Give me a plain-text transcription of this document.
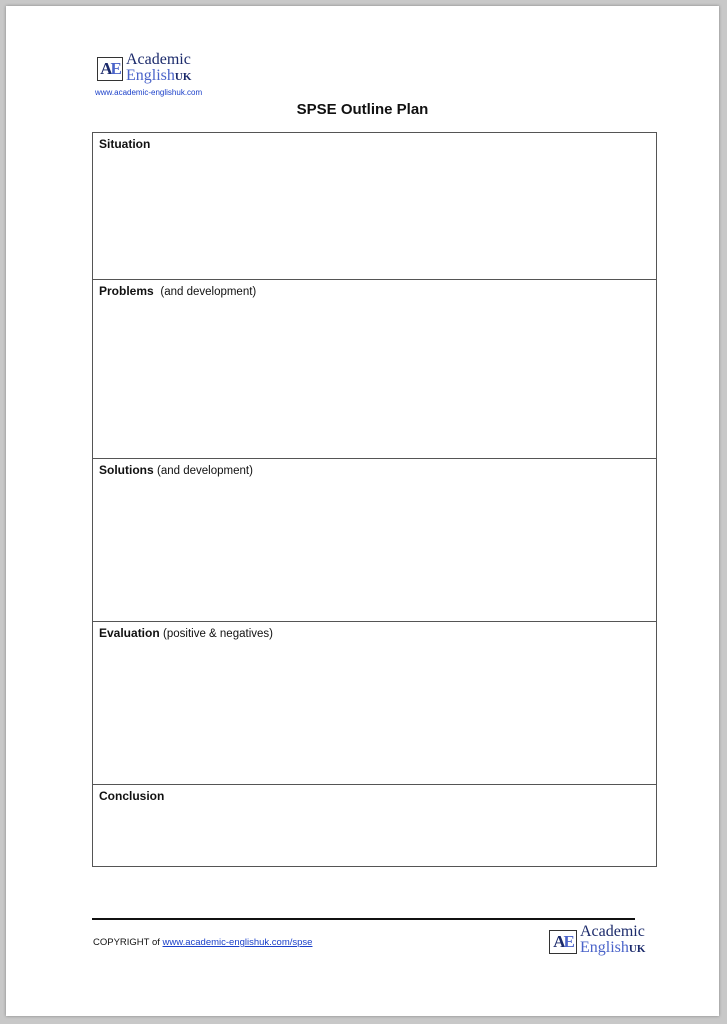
A E Academic
EnglishUK
www.academic-englishuk.com
SPSE Outline Plan
Situation
Problems (and development)
Solutions (and development)
Evaluation (positive & negatives)
Conclusion
COPYRIGHT of www.academic-englishuk.com/spse	A E
Academic
EnglishUK
